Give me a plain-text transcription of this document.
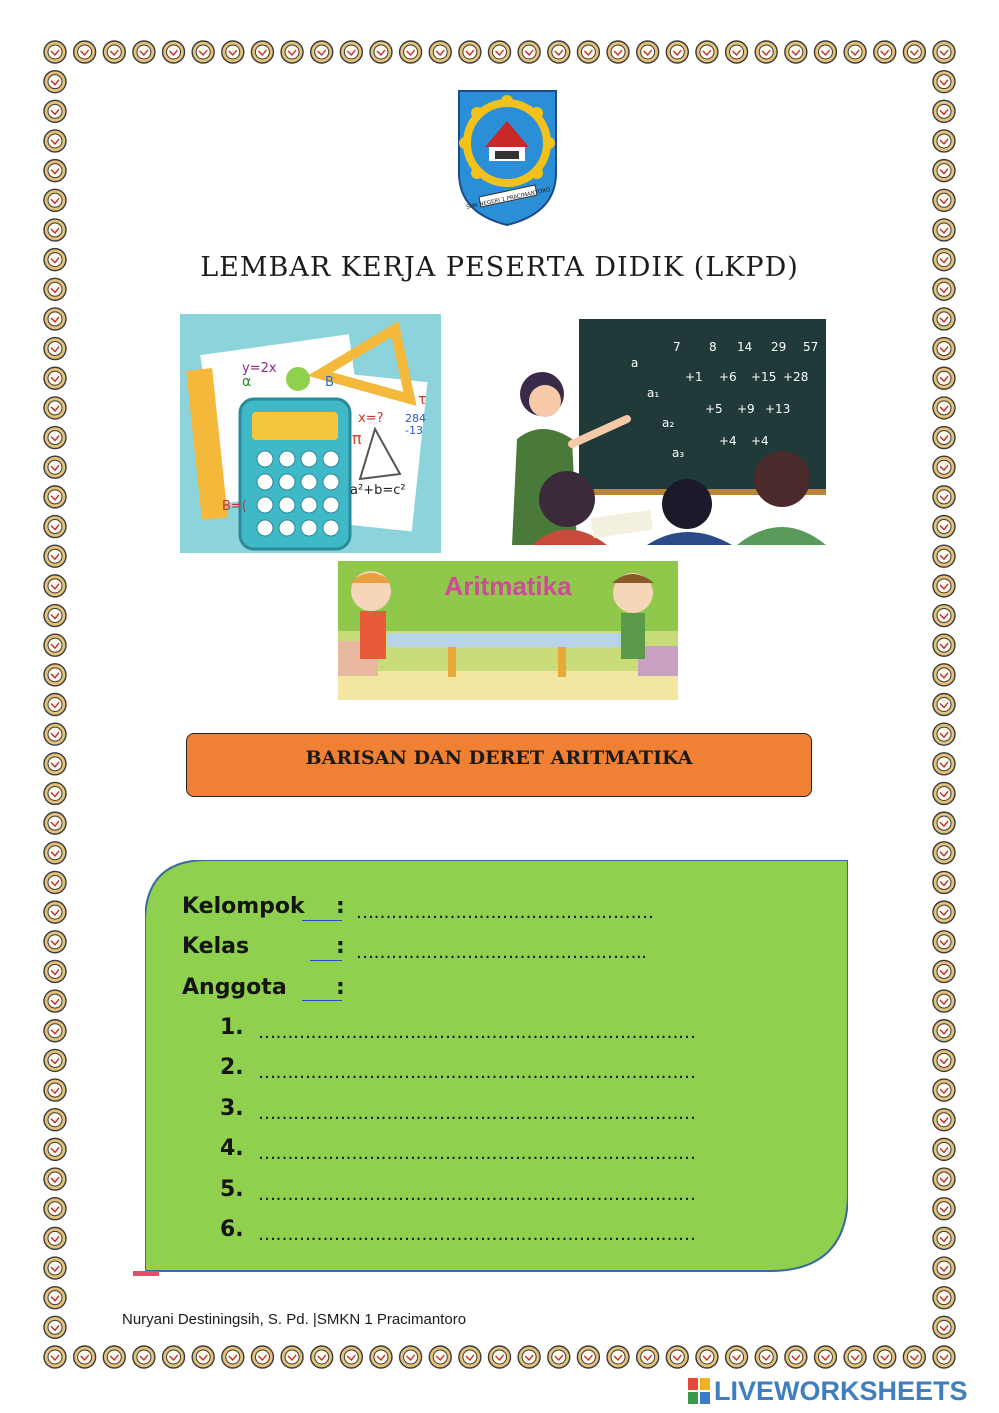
SMK NEGERI 1 PRACIMANTORO
LEMBAR KERJA PESERTA DIDIK (LKPD)
y=2x
α	B
π
x=? 284
-13
B=(
a²+b=c²
τ
a
a₁
a₂
a₃
7 8 14 29 57
+1 +6 +15 +28
+5 +9 +13
+4 +4
Aritmatika
BARISAN DAN DERET ARITMATIKA
Kelompok : ……………………………………………
Kelas	: …………………………………………..
Anggota :
1. …………………………………………………………………
2. …………………………………………………………………
3. …………………………………………………………………
4. …………………………………………………………………
5. …………………………………………………………………
6. …………………………………………………………………
Nuryani Destiningsih, S. Pd. |SMKN 1 Pracimantoro
LIVEWORKSHEETS
